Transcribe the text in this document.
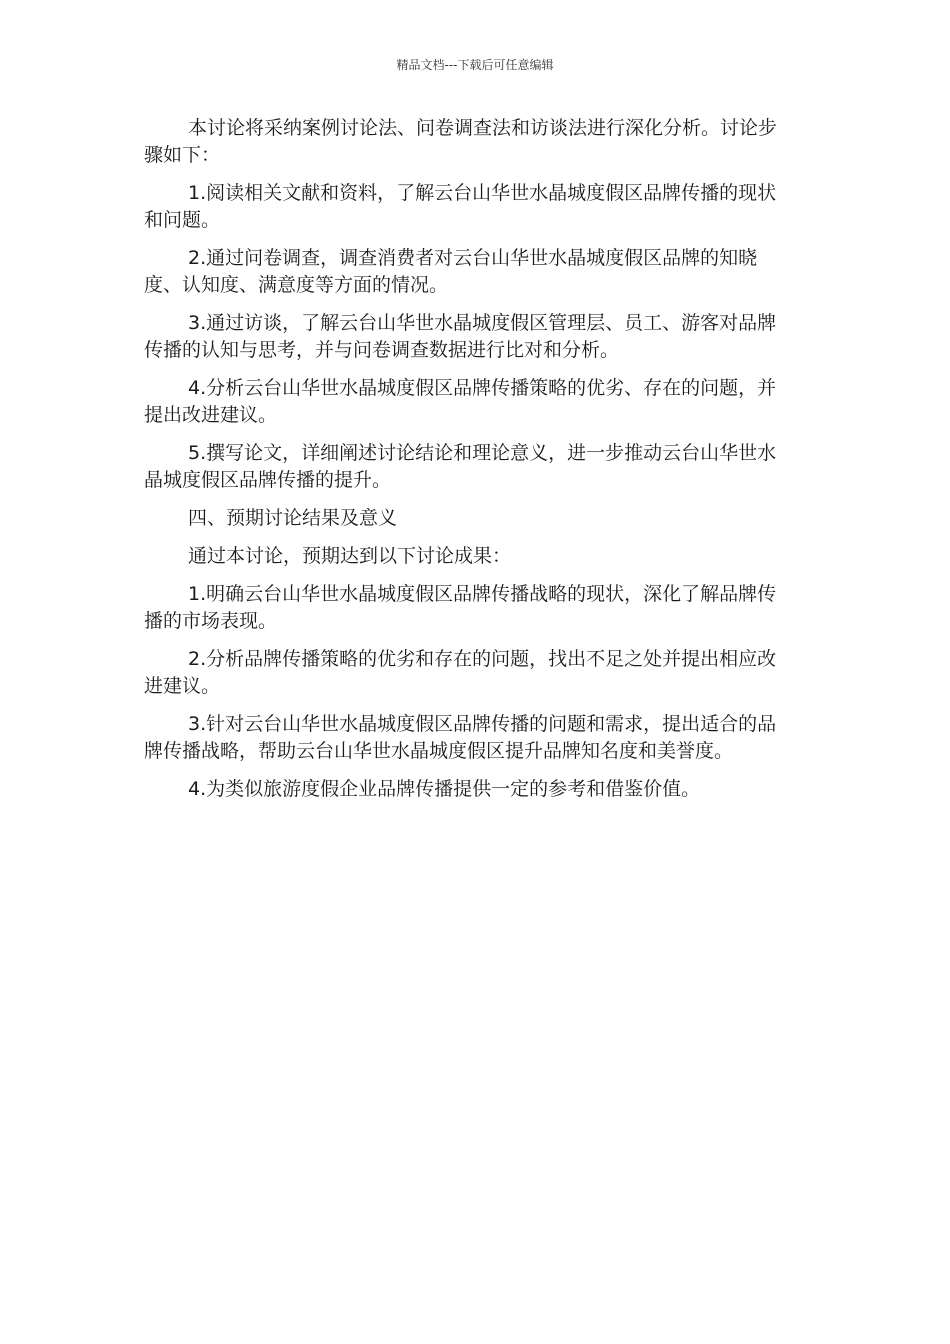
精品文档---下载后可任意编辑

本讨论将采纳案例讨论法、问卷调查法和访谈法进行深化分析。讨论步骤如下：

1.阅读相关文献和资料，了解云台山华世水晶城度假区品牌传播的现状和问题。

2.通过问卷调查，调查消费者对云台山华世水晶城度假区品牌的知晓度、认知度、满意度等方面的情况。

3.通过访谈，了解云台山华世水晶城度假区管理层、员工、游客对品牌传播的认知与思考，并与问卷调查数据进行比对和分析。

4.分析云台山华世水晶城度假区品牌传播策略的优劣、存在的问题，并提出改进建议。

5.撰写论文，详细阐述讨论结论和理论意义，进一步推动云台山华世水晶城度假区品牌传播的提升。

四、预期讨论结果及意义

通过本讨论，预期达到以下讨论成果：

1.明确云台山华世水晶城度假区品牌传播战略的现状，深化了解品牌传播的市场表现。

2.分析品牌传播策略的优劣和存在的问题，找出不足之处并提出相应改进建议。

3.针对云台山华世水晶城度假区品牌传播的问题和需求，提出适合的品牌传播战略，帮助云台山华世水晶城度假区提升品牌知名度和美誉度。

4.为类似旅游度假企业品牌传播提供一定的参考和借鉴价值。
